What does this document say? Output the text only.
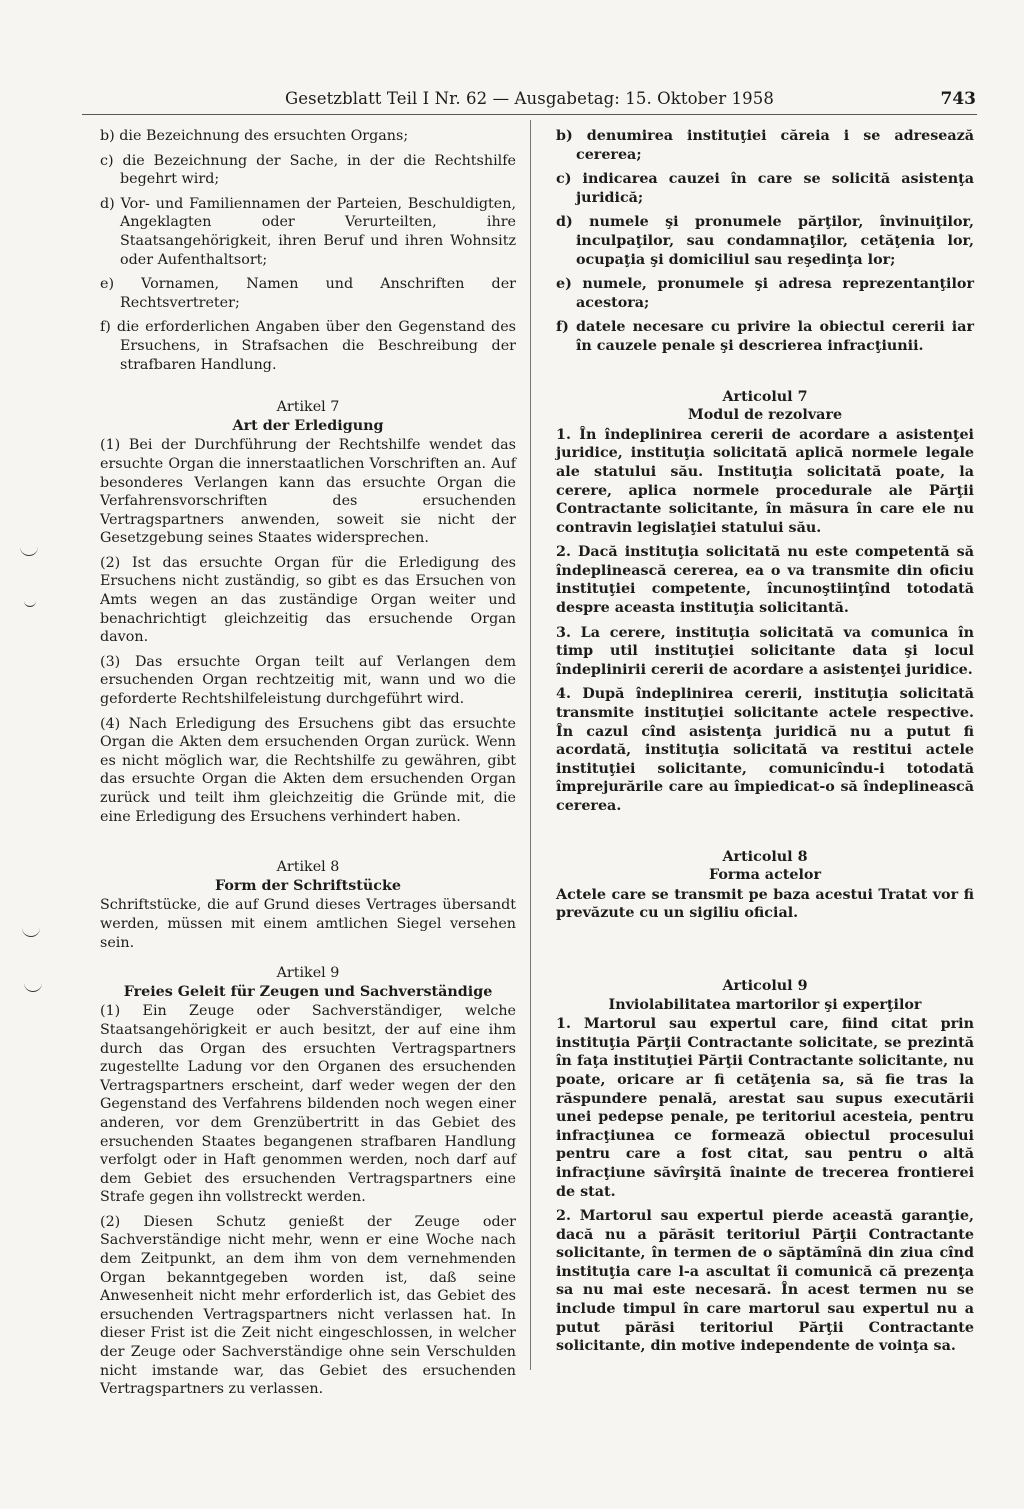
Gesetzblatt Teil I Nr. 62 — Ausgabetag: 15. Oktober 1958	743

b) die Bezeichnung des ersuchten Organs;

c) die Bezeichnung der Sache, in der die Rechtshilfe begehrt wird;

d) Vor- und Familiennamen der Parteien, Beschuldigten, Angeklagten oder Verurteilten, ihre Staatsangehörigkeit, ihren Beruf und ihren Wohnsitz oder Aufenthaltsort;

e) Vornamen, Namen und Anschriften der Rechtsvertreter;

f) die erforderlichen Angaben über den Gegenstand des Ersuchens, in Strafsachen die Beschreibung der strafbaren Handlung.

Artikel 7

Art der Erledigung

(1) Bei der Durchführung der Rechtshilfe wendet das ersuchte Organ die innerstaatlichen Vorschriften an. Auf besonderes Verlangen kann das ersuchte Organ die Verfahrensvorschriften des ersuchenden Vertragspartners anwenden, soweit sie nicht der Gesetzgebung seines Staates widersprechen.

(2) Ist das ersuchte Organ für die Erledigung des Ersuchens nicht zuständig, so gibt es das Ersuchen von Amts wegen an das zuständige Organ weiter und benachrichtigt gleichzeitig das ersuchende Organ davon.

(3) Das ersuchte Organ teilt auf Verlangen dem ersuchenden Organ rechtzeitig mit, wann und wo die geforderte Rechtshilfeleistung durchgeführt wird.

(4) Nach Erledigung des Ersuchens gibt das ersuchte Organ die Akten dem ersuchenden Organ zurück. Wenn es nicht möglich war, die Rechtshilfe zu gewähren, gibt das ersuchte Organ die Akten dem ersuchenden Organ zurück und teilt ihm gleichzeitig die Gründe mit, die eine Erledigung des Ersuchens verhindert haben.

Artikel 8

Form der Schriftstücke

Schriftstücke, die auf Grund dieses Vertrages übersandt werden, müssen mit einem amtlichen Siegel versehen sein.

Artikel 9

Freies Geleit für Zeugen und Sachverständige

(1) Ein Zeuge oder Sachverständiger, welche Staatsangehörigkeit er auch besitzt, der auf eine ihm durch das Organ des ersuchten Vertragspartners zugestellte Ladung vor den Organen des ersuchenden Vertragspartners erscheint, darf weder wegen der den Gegenstand des Verfahrens bildenden noch wegen einer anderen, vor dem Grenzübertritt in das Gebiet des ersuchenden Staates begangenen strafbaren Handlung verfolgt oder in Haft genommen werden, noch darf auf dem Gebiet des ersuchenden Vertragspartners eine Strafe gegen ihn vollstreckt werden.

(2) Diesen Schutz genießt der Zeuge oder Sachverständige nicht mehr, wenn er eine Woche nach dem Zeitpunkt, an dem ihm von dem vernehmenden Organ bekanntgegeben worden ist, daß seine Anwesenheit nicht mehr erforderlich ist, das Gebiet des ersuchenden Vertragspartners nicht verlassen hat. In dieser Frist ist die Zeit nicht eingeschlossen, in welcher der Zeuge oder Sachverständige ohne sein Verschulden nicht imstande war, das Gebiet des ersuchenden Vertragspartners zu verlassen.

b) denumirea instituţiei căreia i se adresează cererea;

c) indicarea cauzei în care se solicită asistenţa juridică;

d) numele şi pronumele părţilor, învinuiţilor, inculpaţilor, sau condamnaţilor, cetăţenia lor, ocupaţia şi domiciliul sau reşedinţa lor;

e) numele, pronumele şi adresa reprezentanţilor acestora;

f) datele necesare cu privire la obiectul cererii iar în cauzele penale şi descrierea infracţiunii.

Articolul 7

Modul de rezolvare

1. În îndeplinirea cererii de acordare a asistenţei juridice, instituţia solicitată aplică normele legale ale statului său. Instituţia solicitată poate, la cerere, aplica normele procedurale ale Părţii Contractante solicitante, în măsura în care ele nu contravin legislaţiei statului său.

2. Dacă instituţia solicitată nu este competentă să îndeplinească cererea, ea o va transmite din oficiu instituţiei competente, încunoştiinţînd totodată despre aceasta instituţia solicitantă.

3. La cerere, instituţia solicitată va comunica în timp util instituţiei solicitante data şi locul îndeplinirii cererii de acordare a asistenţei juridice.

4. După îndeplinirea cererii, instituţia solicitată transmite instituţiei solicitante actele respective. În cazul cînd asistenţa juridică nu a putut fi acordată, instituţia solicitată va restitui actele instituţiei solicitante, comunicîndu-i totodată împrejurările care au împiedicat-o să îndeplinească cererea.

Articolul 8

Forma actelor

Actele care se transmit pe baza acestui Tratat vor fi prevăzute cu un sigiliu oficial.

Articolul 9

Inviolabilitatea martorilor şi experţilor

1. Martorul sau expertul care, fiind citat prin instituţia Părţii Contractante solicitate, se prezintă în faţa instituţiei Părţii Contractante solicitante, nu poate, oricare ar fi cetăţenia sa, să fie tras la răspundere penală, arestat sau supus executării unei pedepse penale, pe teritoriul acesteia, pentru infracţiunea ce formează obiectul procesului pentru care a fost citat, sau pentru o altă infracţiune săvîrşită înainte de trecerea frontierei de stat.

2. Martorul sau expertul pierde această garanţie, dacă nu a părăsit teritoriul Părţii Contractante solicitante, în termen de o săptămînă din ziua cînd instituţia care l-a ascultat îi comunică că prezenţa sa nu mai este necesară. În acest termen nu se include timpul în care martorul sau expertul nu a putut părăsi teritoriul Părţii Contractante solicitante, din motive independente de voinţa sa.
